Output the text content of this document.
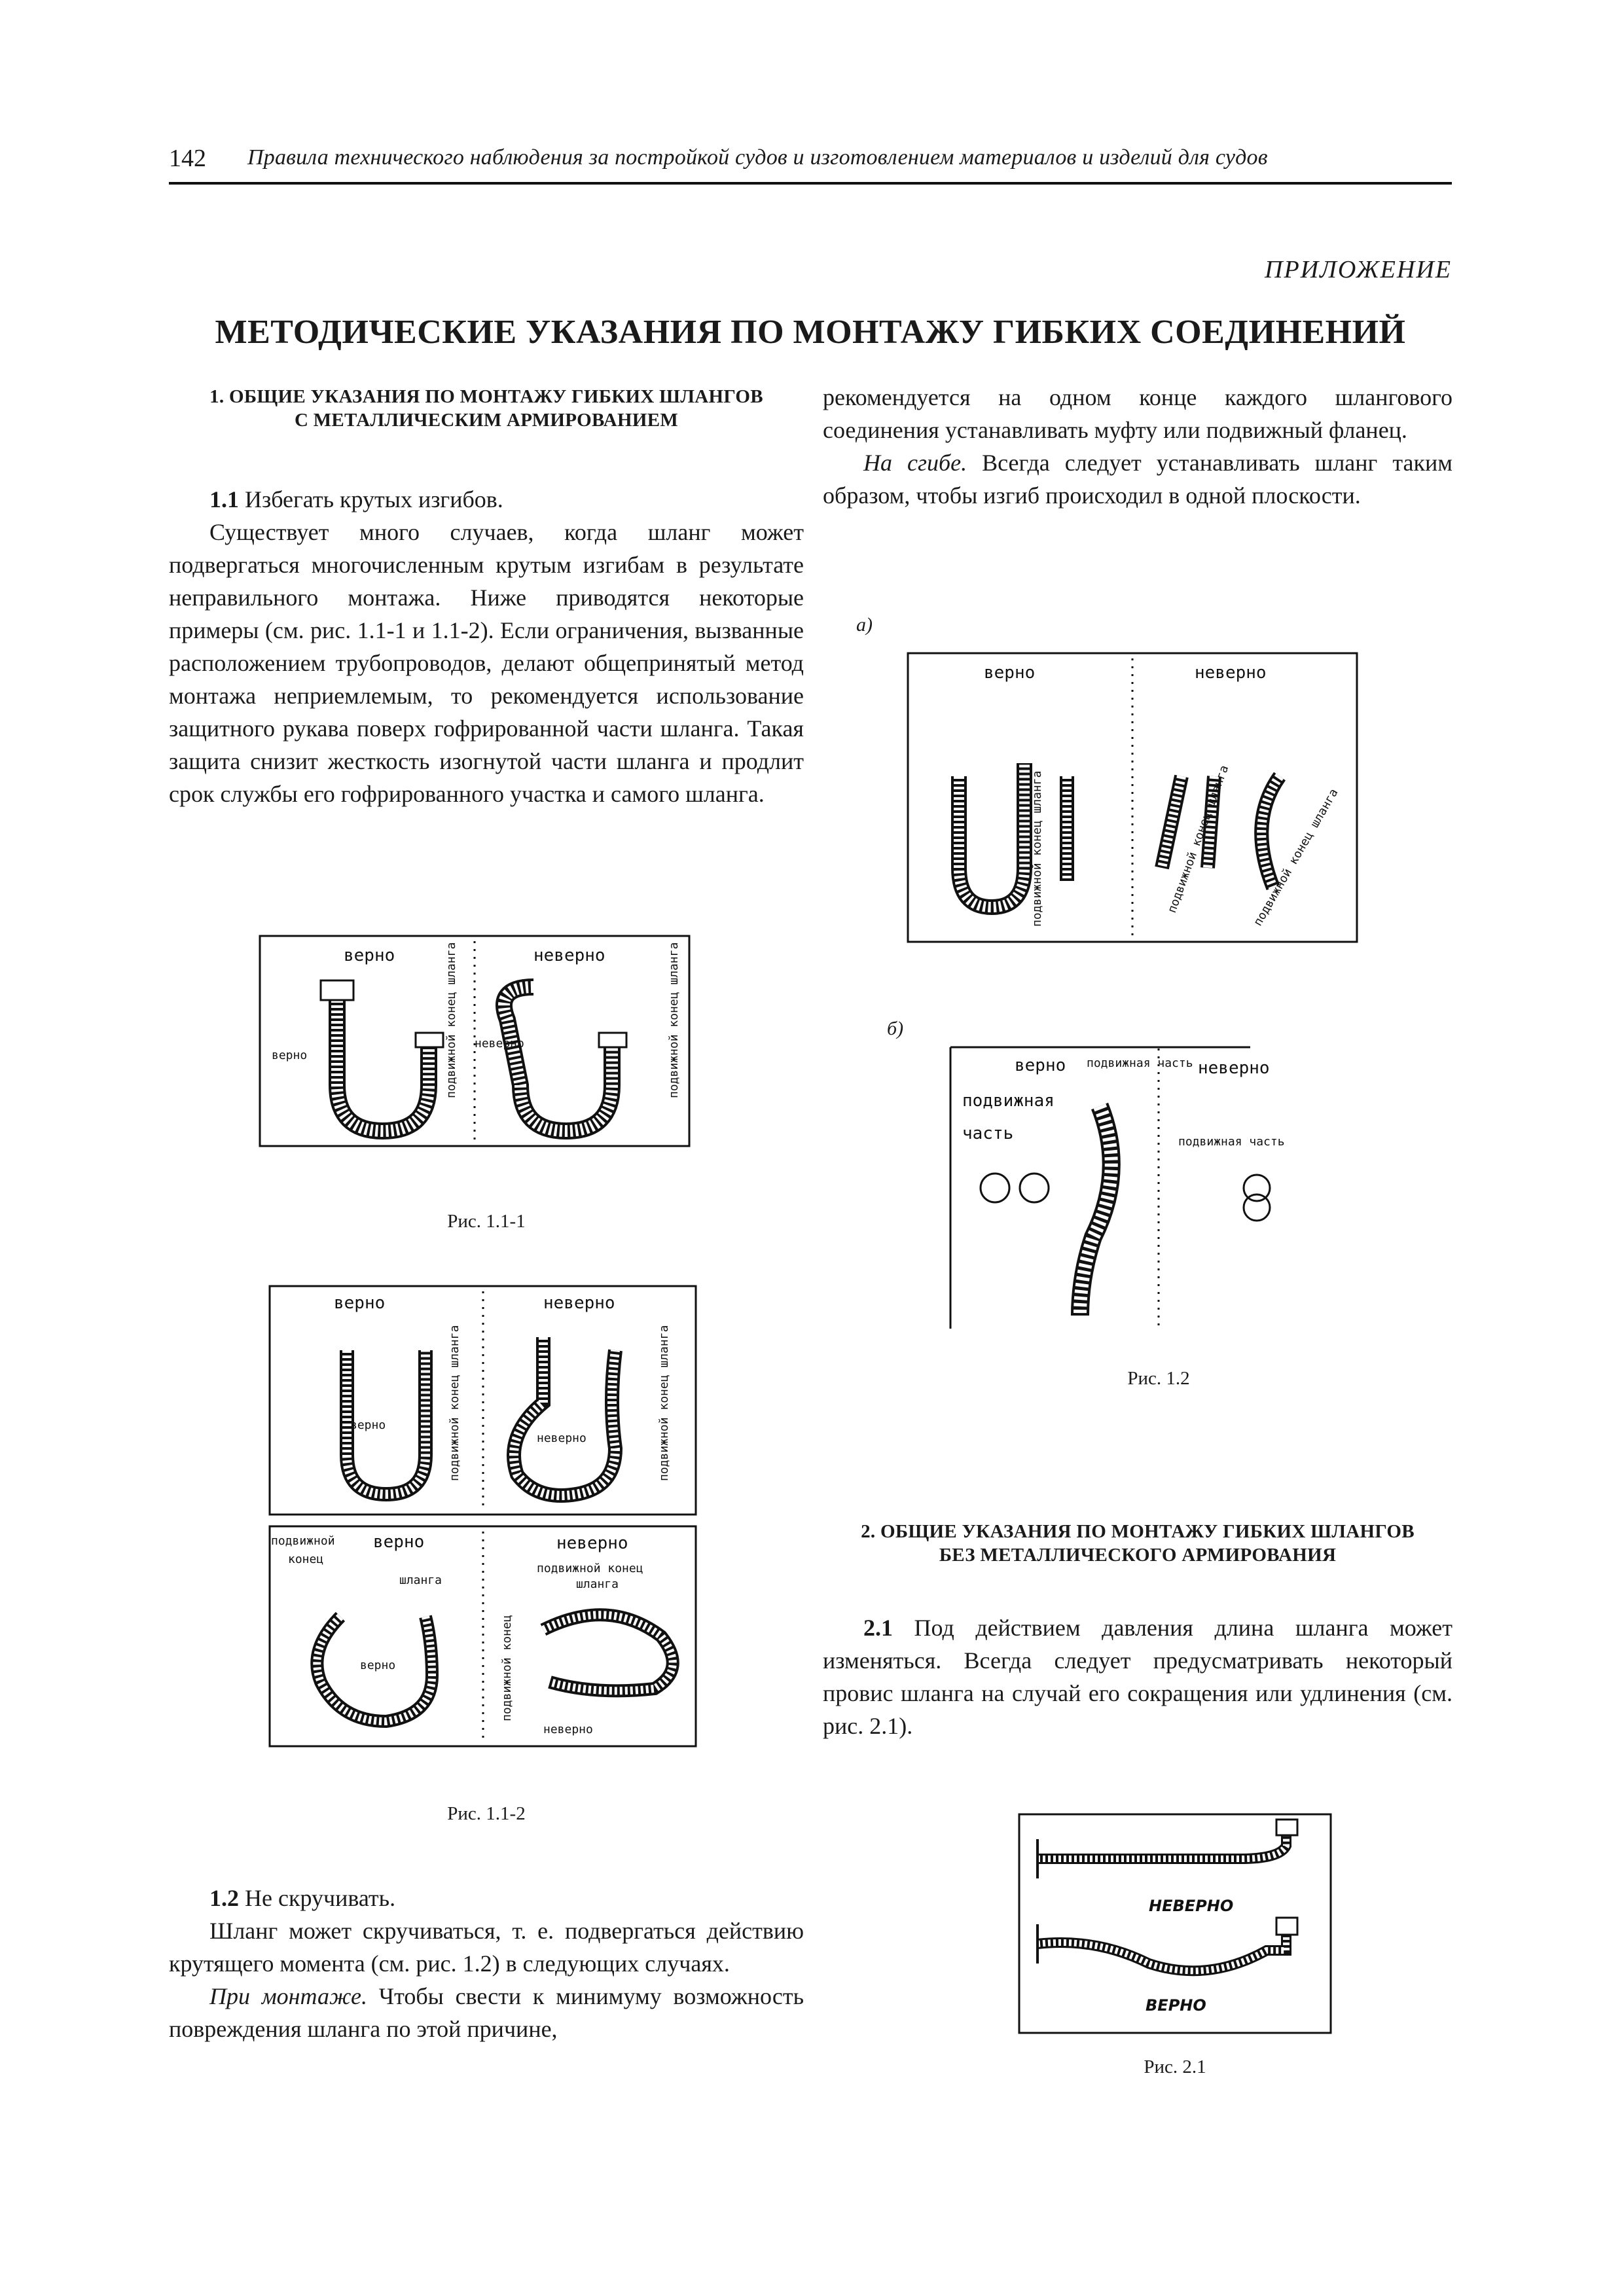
142 Правила технического наблюдения за постройкой судов и изготовлением материалов и изделий для судов
ПРИЛОЖЕНИЕ
МЕТОДИЧЕСКИЕ УКАЗАНИЯ ПО МОНТАЖУ ГИБКИХ СОЕДИНЕНИЙ
1. ОБЩИЕ УКАЗАНИЯ ПО МОНТАЖУ ГИБКИХ ШЛАНГОВ
С МЕТАЛЛИЧЕСКИМ АРМИРОВАНИЕМ

1.1 Избегать крутых изгибов.

Существует много случаев, когда шланг может подвергаться многочисленным крутым изгибам в результате неправильного монтажа. Ниже приводятся некоторые примеры (см. рис. 1.1-1 и 1.1-2). Если ограничения, вызванные расположением трубопроводов, делают общепринятый метод монтажа неприемлемым, то рекомендуется использование защитного рукава поверх гофрированной части шланга. Такая защита снизит жесткость изогнутой части шланга и продлит срок службы его гофрированного участка и самого шланга.

верно	неверно
верно	подвижной конец шланга неверно	подвижной конец шланга
Рис. 1.1-1
верно	неверно
верно	подвижной конец шланга	неверно	подвижной конец шланга
подвижной верно
конец
шланга
верно
неверно
подвижной конец
шланга
подвижной конец
неверно
Рис. 1.1-2

1.2 Не скручивать.

Шланг может скручиваться, т. е. подвергаться действию крутящего момента (см. рис. 1.2) в следующих случаях.

При монтаже. Чтобы свести к минимуму возможность повреждения шланга по этой причине,

рекомендуется на одном конце каждого шлангового соединения устанавливать муфту или подвижный фланец.

На сгибе. Всегда следует устанавливать шланг таким образом, чтобы изгиб происходил в одной плоскости.

а)
верно	неверно
подвижной конец шланга	подвижной конец шланга подвижной конец шланга
б)
верно подвижная часть неверно
подвижная
часть	подвижная часть
Рис. 1.2
2. ОБЩИЕ УКАЗАНИЯ ПО МОНТАЖУ ГИБКИХ ШЛАНГОВ
БЕЗ МЕТАЛЛИЧЕСКОГО АРМИРОВАНИЯ

2.1 Под действием давления длина шланга может изменяться. Всегда следует предусматривать некоторый провис шланга на случай его сокращения или удлинения (см. рис. 2.1).

НЕВЕРНО
ВЕРНО
Рис. 2.1
